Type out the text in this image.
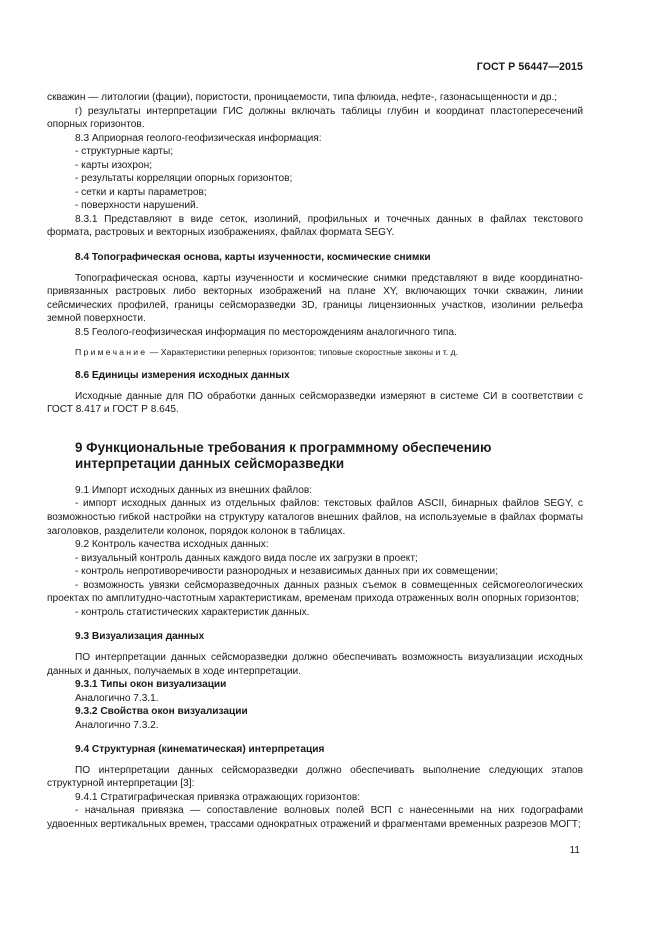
ГОСТ Р 56447—2015

скважин — литологии (фации), пористости, проницаемости, типа флюида, нефте-, газонасыщенности и др.;

г) результаты интерпретации ГИС должны включать таблицы глубин и координат пластопересечений опорных горизонтов.

8.3 Априорная геолого-геофизическая информация:

- структурные карты;

- карты изохрон;

- результаты корреляции опорных горизонтов;

- сетки и карты параметров;

- поверхности нарушений.

8.3.1 Представляют в виде сеток, изолиний, профильных и точечных данных в файлах текстового формата, растровых и векторных изображениях, файлах формата SEGY.

8.4 Топографическая основа, карты изученности, космические снимки

Топографическая основа, карты изученности и космические снимки представляют в виде координатно-привязанных растровых либо векторных изображений на плане XY, включающих точки скважин, линии сейсмических профилей, границы сейсморазведки 3D, границы лицензионных участков, изолинии рельефа земной поверхности.

8.5 Геолого-геофизическая информация по месторождениям аналогичного типа.

Примечание — Характеристики реперных горизонтов; типовые скоростные законы и т. д.

8.6 Единицы измерения исходных данных

Исходные данные для ПО обработки данных сейсморазведки измеряют в системе СИ в соответствии с ГОСТ 8.417 и ГОСТ Р 8.645.

9 Функциональные требования к программному обеспечению

интерпретации данных сейсморазведки

9.1 Импорт исходных данных из внешних файлов:

- импорт исходных данных из отдельных файлов: текстовых файлов ASCII, бинарных файлов SEGY, с возможностью гибкой настройки на структуру каталогов внешних файлов, на используемые в файлах форматы заголовков, разделители колонок, порядок колонок в таблицах.

9.2 Контроль качества исходных данных:

- визуальный контроль данных каждого вида после их загрузки в проект;

- контроль непротиворечивости разнородных и независимых данных при их совмещении;

- возможность увязки сейсморазведочных данных разных съемок в совмещенных сейсмогеологических проектах по амплитудно-частотным характеристикам, временам прихода отраженных волн опорных горизонтов;

- контроль статистических характеристик данных.

9.3 Визуализация данных

ПО интерпретации данных сейсморазведки должно обеспечивать возможность визуализации исходных данных и данных, получаемых в ходе интерпретации.

9.3.1 Типы окон визуализации

Аналогично 7.3.1.

9.3.2 Свойства окон визуализации

Аналогично 7.3.2.

9.4 Структурная (кинематическая) интерпретация

ПО интерпретации данных сейсморазведки должно обеспечивать выполнение следующих этапов структурной интерпретации [3]:

9.4.1 Стратиграфическая привязка отражающих горизонтов:

- начальная привязка — сопоставление волновых полей ВСП с нанесенными на них годографами удвоенных вертикальных времен, трассами однократных отражений и фрагментами временных разрезов МОГТ;

11
